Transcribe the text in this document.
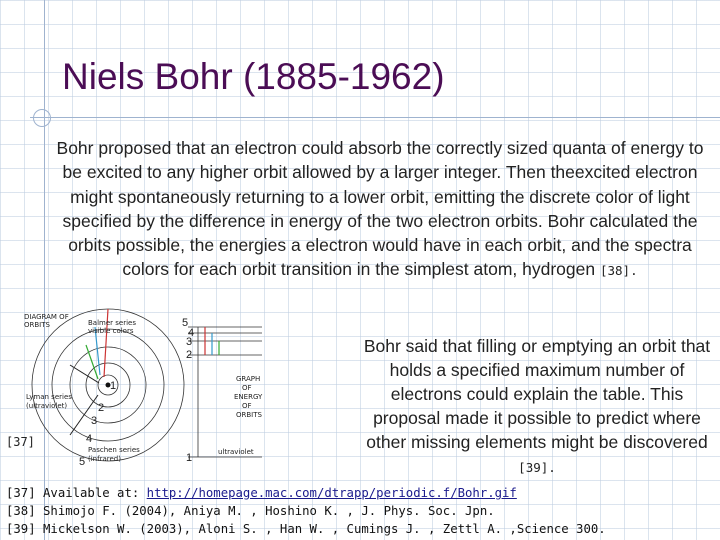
Niels Bohr (1885-1962)

Bohr proposed that an electron could absorb the correctly sized quanta of energy to be excited to any higher orbit allowed by a larger integer. Then theexcited electron might spontaneously returning to a lower orbit, emitting the discrete color of light specified by the difference in energy of the two electron orbits. Bohr calculated the orbits possible, the energies a electron would have in each orbit, and the spectra colors for each orbit transition in the simplest atom, hydrogen [38].

DIAGRAM OF
ORBITS	Balmer series
visible colors
Lyman series
(ultraviolet)
Paschen series
(infrared)
1
2
3
4
5
5
4
3
2
1
GRAPH
OF
ENERGY
OF
ORBITS
ultraviolet
[37]

Bohr said that filling or emptying an orbit that holds a specified maximum number of electrons could explain the table. This proposal made it possible to predict where other missing elements might be discovered [39].

[37] Available at: http://homepage.mac.com/dtrapp/periodic.f/Bohr.gif
[38] Shimojo F. (2004), Aniya M. , Hoshino K. , J. Phys. Soc. Jpn.
[39] Mickelson W. (2003), Aloni S. , Han W. , Cumings J. , Zettl A. ,Science 300.
